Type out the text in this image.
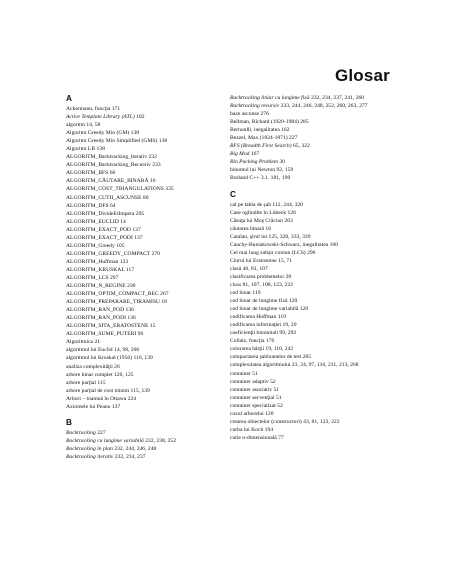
Glosar
A
Ackermann, funcţia 171
Active Template Library (ATL) 182
algoritm 14, 58
Algoritm Greedy Min (GM) 138
Algoritm Greedy Min Simplified (GMS) 138
Algoritm LB 138
ALGORITM_Backtracking_Iterativ 232
ALGORITM_Backtracking_Recursiv 233
ALGORITM_BFS 66
ALGORITM_CĂUTARE_BINARĂ 16
ALGORITM_COST_TRIANGULATIONS 335
ALGORITM_CUTII_ASCUNSE 80
ALGORITM_DFS 64
ALGORITM_DivideEtImpera 205
ALGORITM_EUCLID 14
ALGORITM_EXACT_POD 137
ALGORITM_EXACT_PODI 137
ALGORITM_Greedy 105
ALGORITM_GREEDY_COMPACT 270
ALGORITM_Huffman 123
ALGORITM_KRUSKAL 117
ALGORITM_LCS 297
ALGORITM_N_REGINE 230
ALGORITM_OPTIM_COMPACT_REC 267
ALGORITM_PREPARARE_TIRAMISU 18
ALGORITM_RAN_POD 136
ALGORITM_RAN_PODI 136
ALGORITM_SITA_ERATOSTENE 15
ALGORITM_SUME_PUTERI 96
Algoritmica 21
algoritmul lui Euclid 14, 98, 206
algoritmul lui Kruskal (1956) 116, 139
analiza complexităţii 26
arbore binar complet 120, 125
arbore parţial 115
arbore parţial de cost minim 115, 139
Arbori – toamnă în Ottawa 224
Axiomele lui Peano 137
B
Backtracking 227
Backtracking cu lungime variabilă 232, 238, 252
Backtracking în plan 232, 244, 246, 248
Backtracking iterativ 232, 234, 237
Backtracking liniar cu lungime fixă 232, 234, 237, 241, 260
Backtracking recursiv 233, 244, 246, 248, 252, 260, 263, 277
baze ascunse 276
Bellman, Richard (1920-1984) 285
Bernoulli, inegalitatea 162
Bezzel, Max (1824-1871) 227
BFS (Breadth First Search) 65, 322
Big Mod 167
Bin Packing Problem 30
binomul lui Newton 92, 159
Borland C++ 3.1. 181, 190
C
cal pe tabla de şah 112, 244, 320
Case oglindite în Lübeck 126
Căsuţa lui Moş Crăciun 263
căutarea binară 16
Catalan, şirul lui 125, 320, 333, 339
Cauchy-Buniakowski-Schwarz, inegalitatea 160
Cel mai lung subşir comun (LCS) 296
Ciurul lui Eratostene 15, 71
clasă 40, 81, 107
clasificarea problemelor 28
class 81, 107, 108, 123, 222
cod binar 119
cod binar de lungime fixă 120
cod binar de lungime variabilă 120
codificarea Huffman 119
codificarea informaţiei 19, 20
coeficienţii binomiali 99, 292
Collatz, funcţia 176
colorarea hărţii 19, 110, 242
compactarea şabloanelor de test 265
complexitatea algoritmului 23, 24, 97, 116, 211, 213, 268
container 51
container adaptiv 52
container asociativ 51
container secvenţial 51
container specializat 52
cozul arborelui 120
crearea obiectelor (constructori) 43, 81, 123, 222
curba lui Koch 194
cutie n-dimensională 77
